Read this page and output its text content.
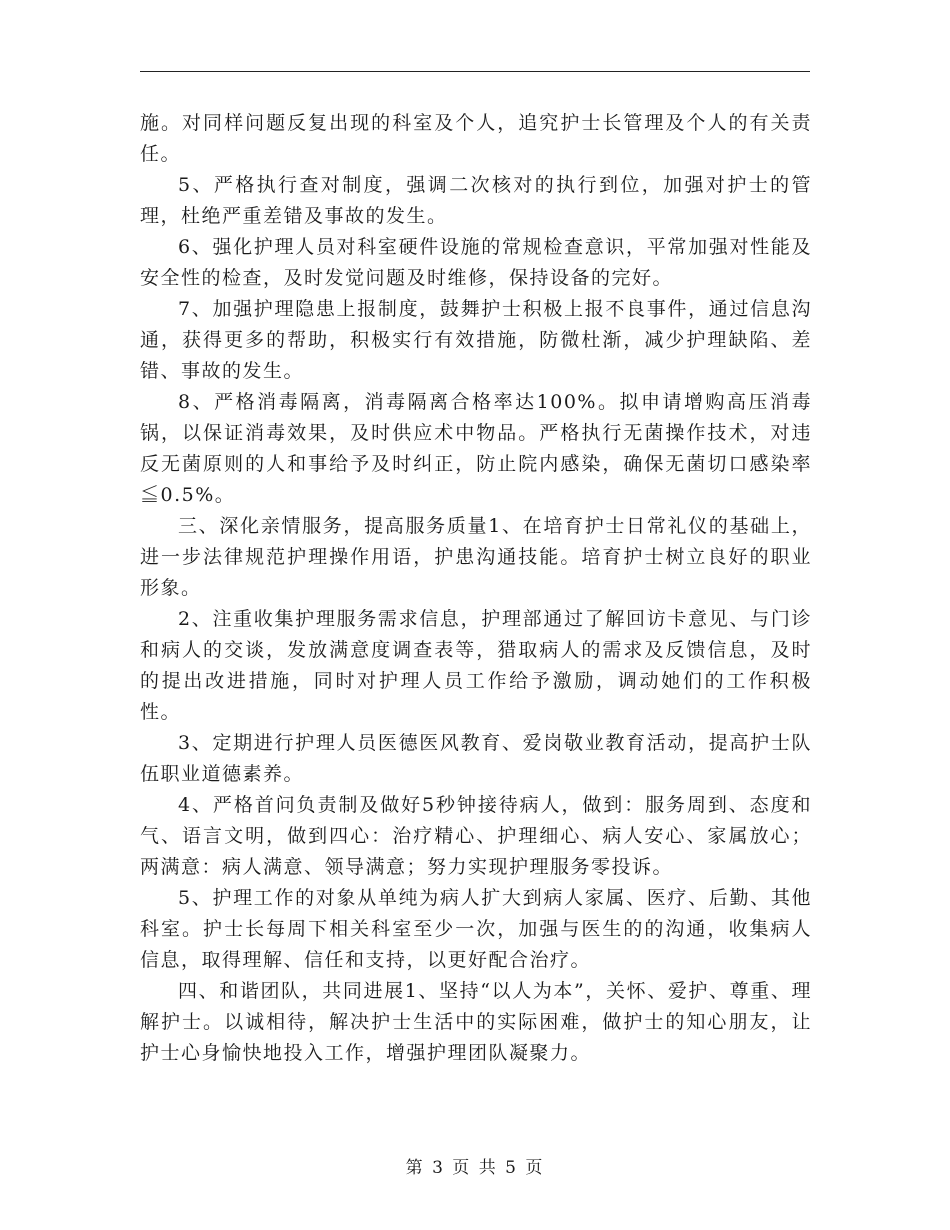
施。对同样问题反复出现的科室及个人，追究护士长管理及个人的有关责任。

5、严格执行查对制度，强调二次核对的执行到位，加强对护士的管理，杜绝严重差错及事故的发生。

6、强化护理人员对科室硬件设施的常规检查意识，平常加强对性能及安全性的检查，及时发觉问题及时维修，保持设备的完好。

7、加强护理隐患上报制度，鼓舞护士积极上报不良事件，通过信息沟通，获得更多的帮助，积极实行有效措施，防微杜渐，减少护理缺陷、差错、事故的发生。

8、严格消毒隔离，消毒隔离合格率达100%。拟申请增购高压消毒锅，以保证消毒效果，及时供应术中物品。严格执行无菌操作技术，对违反无菌原则的人和事给予及时纠正，防止院内感染，确保无菌切口感染率≦0.5%。

三、深化亲情服务，提高服务质量1、在培育护士日常礼仪的基础上，进一步法律规范护理操作用语，护患沟通技能。培育护士树立良好的职业形象。

2、注重收集护理服务需求信息，护理部通过了解回访卡意见、与门诊和病人的交谈，发放满意度调查表等，猎取病人的需求及反馈信息，及时的提出改进措施，同时对护理人员工作给予激励，调动她们的工作积极性。

3、定期进行护理人员医德医风教育、爱岗敬业教育活动，提高护士队伍职业道德素养。

4、严格首问负责制及做好5秒钟接待病人，做到：服务周到、态度和气、语言文明，做到四心：治疗精心、护理细心、病人安心、家属放心；两满意：病人满意、领导满意；努力实现护理服务零投诉。

5、护理工作的对象从单纯为病人扩大到病人家属、医疗、后勤、其他科室。护士长每周下相关科室至少一次，加强与医生的的沟通，收集病人信息，取得理解、信任和支持，以更好配合治疗。

四、和谐团队，共同进展1、坚持“以人为本”，关怀、爱护、尊重、理解护士。以诚相待，解决护士生活中的实际困难，做护士的知心朋友，让护士心身愉快地投入工作，增强护理团队凝聚力。

第 3 页 共 5 页
